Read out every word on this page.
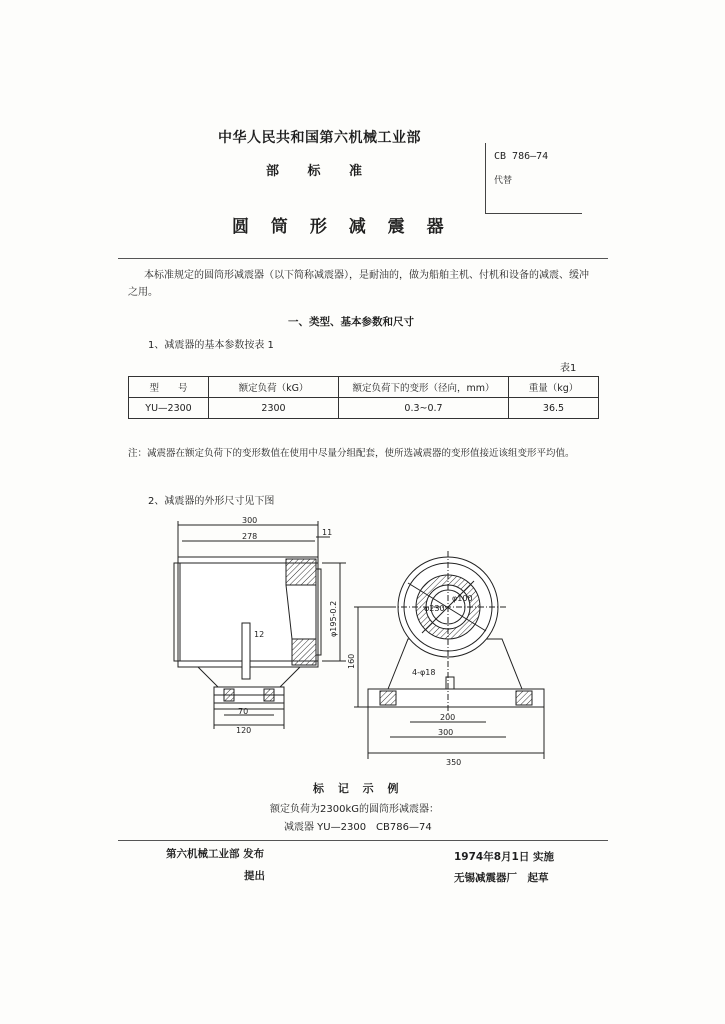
中华人民共和国第六机械工业部
部 标 准
圆 筒 形 减 震 器
CB 786—74
代替
本标准规定的圆筒形减震器（以下简称减震器），是耐油的，做为船舶主机、付机和设备的减震、缓冲之用。
一、类型、基本参数和尺寸
1、减震器的基本参数按表 1
表1
型　　号	额定负荷（kG）	额定负荷下的变形（径向，mm）	重量（kg）
YU—2300	2300	0.3~0.7	36.5
注：减震器在额定负荷下的变形数值在使用中尽量分组配套，使所选减震器的变形值接近该组变形平均值。
2、减震器的外形尺寸见下图
300
278	11
φ195-0.2
12
70
120
160
φ230
φ100
4-φ18
200
300
350
标 记 示 例
额定负荷为2300kG的圆筒形减震器：
减震器 YU—2300　CB786—74
第六机械工业部 发布
提出
1974年8月1日 实施
无锡减震器厂　起草
